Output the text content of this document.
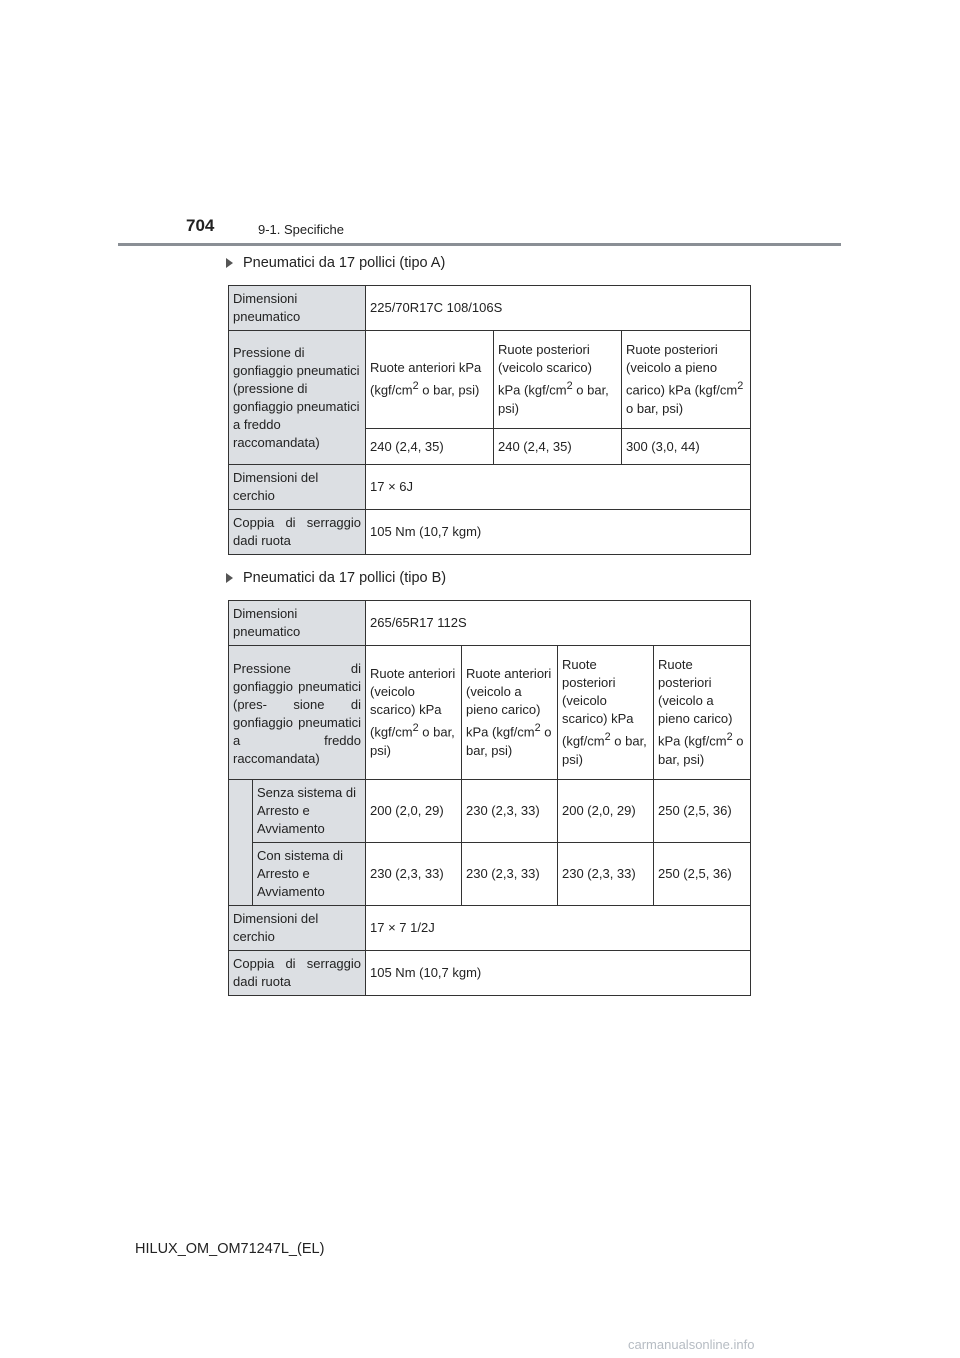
704	9-1. Specifiche
Pneumatici da 17 pollici (tipo A)
Dimensioni pneumatico	225/70R17C 108/106S		
Pressione di gonfiaggio pneumatici (pressione di gonfiaggio pneumatici a freddo raccomandata)	Ruote anteriori kPa ($kgf/cm^2$ o bar, psi)	Ruote posteriori (veicolo scarico) kPa ($kgf/cm^2$ o bar, psi)	Ruote posteriori (veicolo a pieno carico) kPa ($kgf/cm^2$ o bar, psi)
	240 (2,4, 35)	240 (2,4, 35)	300 (3,0, 44)
Dimensioni del cerchio	17 × 6J		
Coppia di serraggio dadi ruota	105 Nm (10,7 kgm)		
Pneumatici da 17 pollici (tipo B)
Dimensioni pneumatico		265/65R17 112S			
Pressione di gonfiaggio pneumatici (pres- sione di gonfiaggio pneumatici a freddo raccomandata)		Ruote anteriori (veicolo scarico) kPa ($kgf/cm^2$ o bar, psi)	Ruote anteriori (veicolo a pieno carico) kPa ($kgf/cm^2$ o bar, psi)	Ruote posteriori (veicolo scarico) kPa ($kgf/cm^2$ o bar, psi)	Ruote posteriori (veicolo a pieno carico) kPa ($kgf/cm^2$ o bar, psi)
	Senza sistema di Arresto e Avviamento	200 (2,0, 29)	230 (2,3, 33)	200 (2,0, 29)	250 (2,5, 36)
	Con sistema di Arresto e Avviamento	230 (2,3, 33)	230 (2,3, 33)	230 (2,3, 33)	250 (2,5, 36)
Dimensioni del cerchio		17 × 7 1/2J			
Coppia di serraggio dadi ruota		105 Nm (10,7 kgm)			
HILUX_OM_OM71247L_(EL)
carmanualsonline.info
